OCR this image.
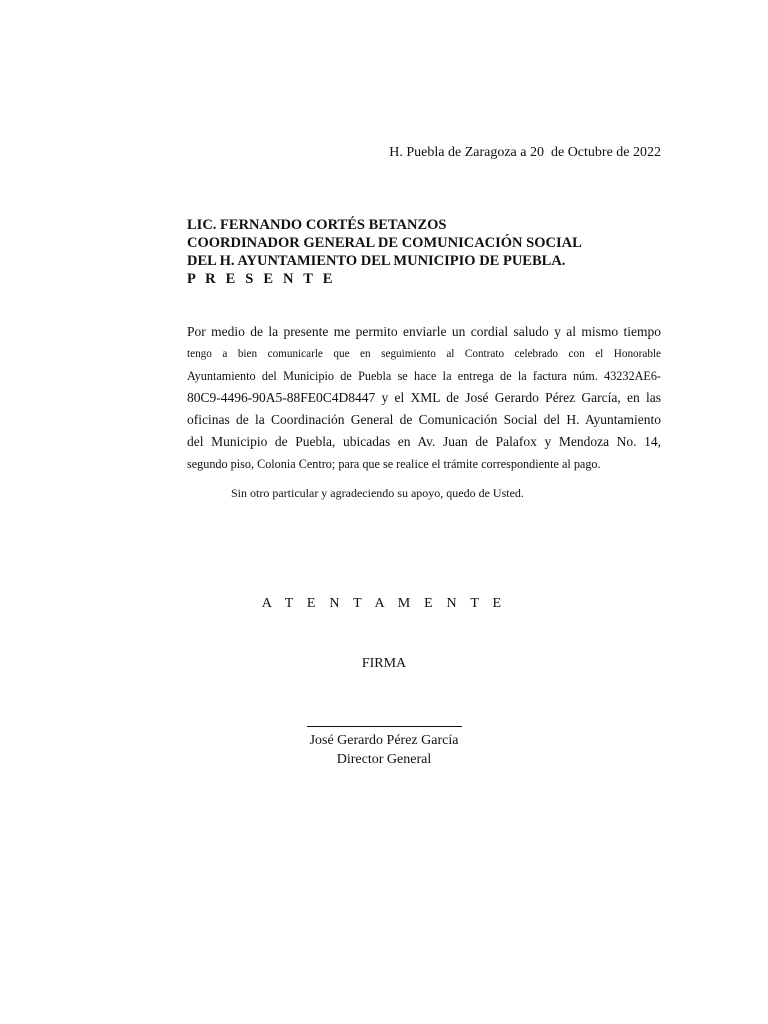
H. Puebla de Zaragoza a 20  de Octubre de 2022
LIC. FERNANDO CORTÉS BETANZOS
COORDINADOR GENERAL DE COMUNICACIÓN SOCIAL
DEL H. AYUNTAMIENTO DEL MUNICIPIO DE PUEBLA.
P R E S E N T E
Por medio de la presente me permito enviarle un cordial saludo y al mismo tiempo
tengo a bien comunicarle que en seguimiento al Contrato celebrado con el Honorable
Ayuntamiento del Municipio de Puebla se hace la entrega de la factura núm. 43232AE6-
80C9-4496-90A5-88FE0C4D8447 y el XML de José Gerardo Pérez García, en las
oficinas de la Coordinación General de Comunicación Social del H. Ayuntamiento
del Municipio de Puebla, ubicadas en Av. Juan de Palafox y Mendoza No. 14,
segundo piso, Colonia Centro; para que se realice el trámite correspondiente al pago.
Sin otro particular y agradeciendo su apoyo, quedo de Usted.
A T E N T A M E N T E
FIRMA
José Gerardo Pérez García
Director General
